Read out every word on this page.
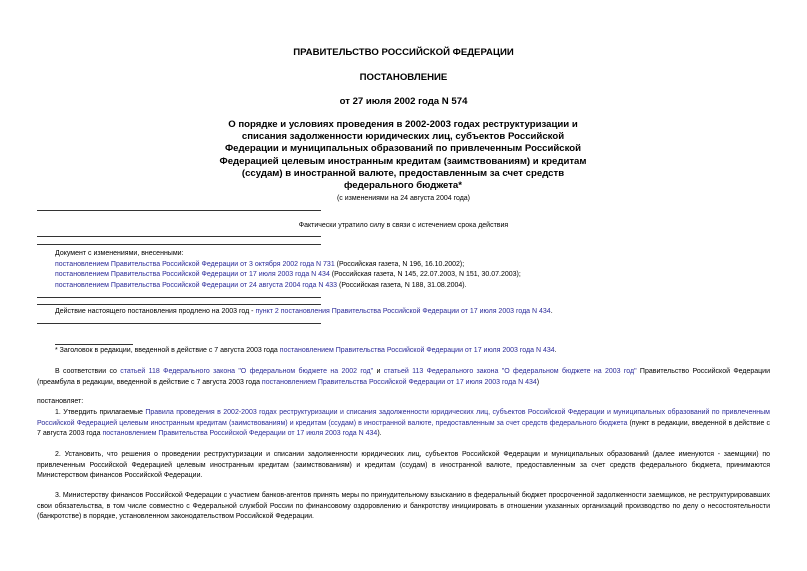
ПРАВИТЕЛЬСТВО РОССИЙСКОЙ ФЕДЕРАЦИИ
ПОСТАНОВЛЕНИЕ
от 27 июля 2002 года N 574
О порядке и условиях проведения в 2002-2003 годах реструктуризации и
списания задолженности юридических лиц, субъектов Российской
Федерации и муниципальных образований по привлеченным Российской
Федерацией целевым иностранным кредитам (заимствованиям) и кредитам
(ссудам) в иностранной валюте, предоставленным за счет средств
федерального бюджета*
(с изменениями на 24 августа 2004 года)
Фактически утратило силу в связи с истечением срока действия
Документ с изменениями, внесенными:
постановлением Правительства Российской Федерации от 3 октября 2002 года N 731 (Российская газета, N 196, 16.10.2002);
постановлением Правительства Российской Федерации от 17 июля 2003 года N 434 (Российская газета, N 145, 22.07.2003, N 151, 30.07.2003);
постановлением Правительства Российской Федерации от 24 августа 2004 года N 433 (Российская газета, N 188, 31.08.2004).
Действие настоящего постановления продлено на 2003 год - пункт 2 постановления Правительства Российской Федерации от 17 июля 2003 года N 434.
* Заголовок в редакции, введенной в действие с 7 августа 2003 года постановлением Правительства Российской Федерации от 17 июля 2003 года N 434.
В соответствии со статьей 118 Федерального закона "О федеральном бюджете на 2002 год" и статьей 113 Федерального закона "О федеральном бюджете на 2003 год" Правительство Российской Федерации (преамбула в редакции, введенной в действие с 7 августа 2003 года постановлением Правительства Российской Федерации от 17 июля 2003 года N 434)
постановляет:
1. Утвердить прилагаемые Правила проведения в 2002-2003 годах реструктуризации и списания задолженности юридических лиц, субъектов Российской Федерации и муниципальных образований по привлеченным Российской Федерацией целевым иностранным кредитам (заимствованиям) и кредитам (ссудам) в иностранной валюте, предоставленным за счет средств федерального бюджета (пункт в редакции, введенной в действие с 7 августа 2003 года постановлением Правительства Российской Федерации от 17 июля 2003 года N 434).
2. Установить, что решения о проведении реструктуризации и списании задолженности юридических лиц, субъектов Российской Федерации и муниципальных образований (далее именуются - заемщики) по привлеченным Российской Федерацией целевым иностранным кредитам (заимствованиям) и кредитам (ссудам) в иностранной валюте, предоставленным за счет средств федерального бюджета, принимаются Министерством финансов Российской Федерации.
3. Министерству финансов Российской Федерации с участием банков-агентов принять меры по принудительному взысканию в федеральный бюджет просроченной задолженности заемщиков, не реструктурировавших свои обязательства, в том числе совместно с Федеральной службой России по финансовому оздоровлению и банкротству инициировать в отношении указанных организаций производство по делу о несостоятельности (банкротстве) в порядке, установленном законодательством Российской Федерации.
